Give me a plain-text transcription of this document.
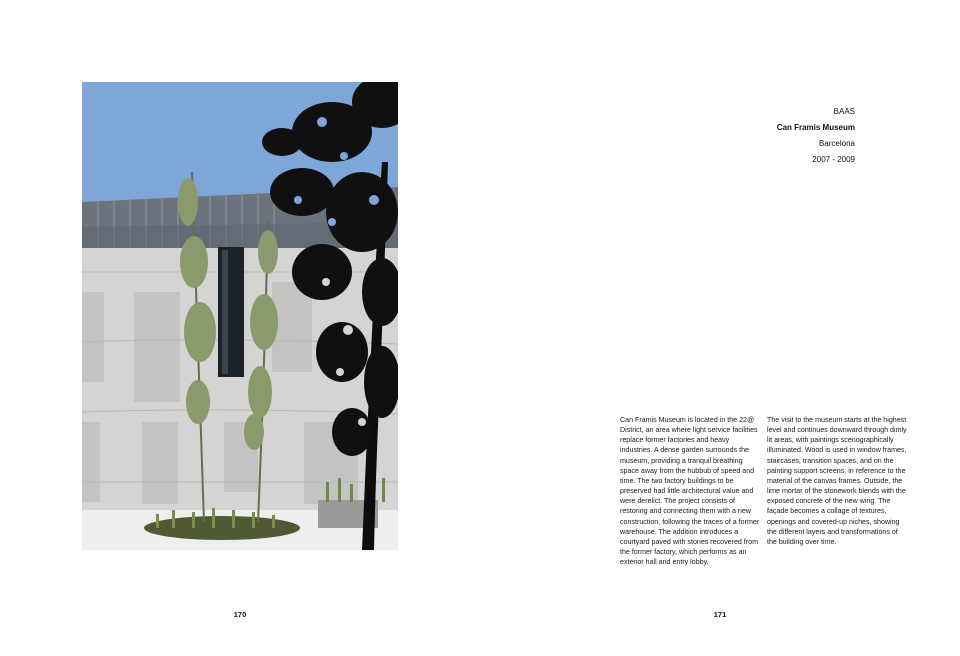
BAAS
Can Framis Museum
Barcelona
2007 - 2009
Can Framis Museum is located in the 22@ District, an area where light service facilities replace former factories and heavy industries. A dense garden surrounds the museum, providing a tranquil breathing space away from the hubbub of speed and time. The two factory buildings to be preserved had little architectural value and were derelict. The project consists of restoring and connecting them with a new construction, following the traces of a former warehouse. The addition introduces a courtyard paved with stones recovered from the former factory, which performs as an exterior hall and entry lobby.
The visit to the museum starts at the highest level and continues downward through dimly lit areas, with paintings scenographically illuminated. Wood is used in window frames, staircases, transition spaces, and on the painting support screens, in reference to the material of the canvas frames. Outside, the lime mortar of the stonework blends with the exposed concrete of the new wing. The façade becomes a collage of textures, openings and covered-up niches, showing the different layers and transformations of the building over time.
170	171
